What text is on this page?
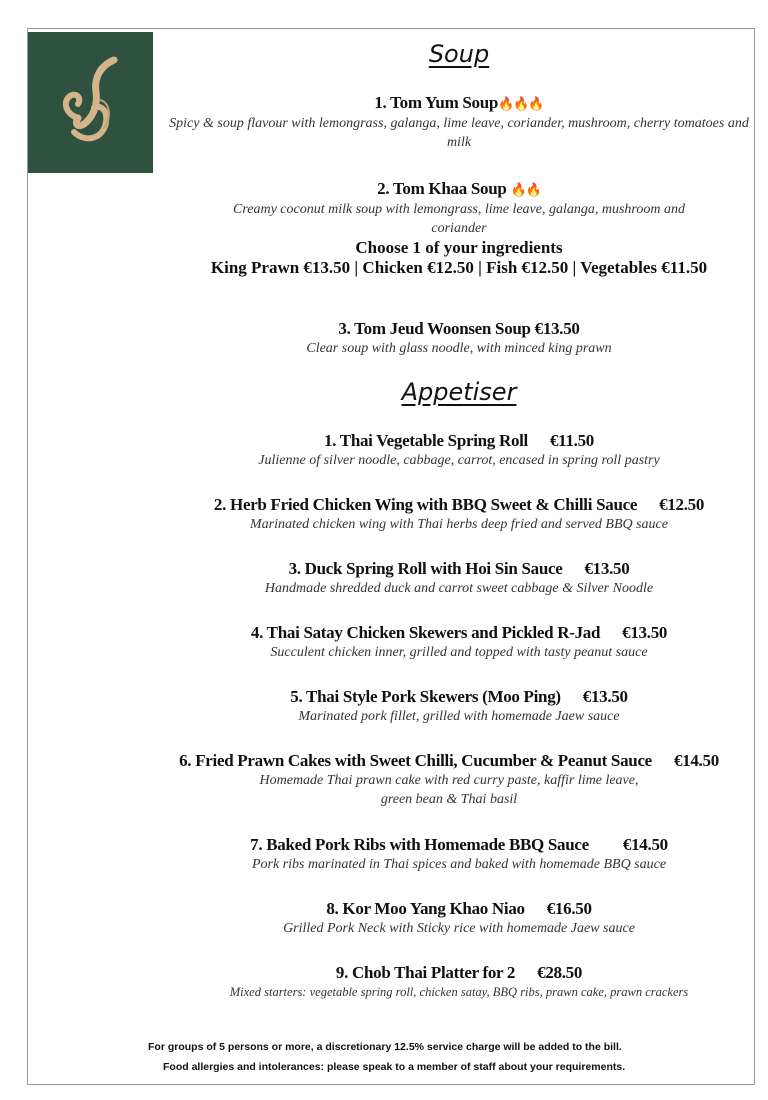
Soup
1. Tom Yum Soup🔥🔥🔥
Spicy & soup flavour with lemongrass, galanga, lime leave, coriander, mushroom, cherry tomatoes and milk
2. Tom Khaa Soup 🔥🔥
Creamy coconut milk soup with lemongrass, lime leave, galanga, mushroom and coriander
Choose 1 of your ingredients
King Prawn €13.50 | Chicken €12.50 | Fish €12.50 | Vegetables €11.50
3. Tom Jeud Woonsen Soup €13.50
Clear soup with glass noodle, with minced king prawn
Appetiser
1. Thai Vegetable Spring Roll €11.50
Julienne of silver noodle, cabbage, carrot, encased in spring roll pastry
2. Herb Fried Chicken Wing with BBQ Sweet & Chilli Sauce €12.50
Marinated chicken wing with Thai herbs deep fried and served BBQ sauce
3. Duck Spring Roll with Hoi Sin Sauce €13.50
Handmade shredded duck and carrot sweet cabbage & Silver Noodle
4. Thai Satay Chicken Skewers and Pickled R-Jad €13.50
Succulent chicken inner, grilled and topped with tasty peanut sauce
5. Thai Style Pork Skewers (Moo Ping) €13.50
Marinated pork fillet, grilled with homemade Jaew sauce
6. Fried Prawn Cakes with Sweet Chilli, Cucumber & Peanut Sauce €14.50
Homemade Thai prawn cake with red curry paste, kaffir lime leave,
green bean & Thai basil
7. Baked Pork Ribs with Homemade BBQ Sauce €14.50
Pork ribs marinated in Thai spices and baked with homemade BBQ sauce
8. Kor Moo Yang Khao Niao €16.50
Grilled Pork Neck with Sticky rice with homemade Jaew sauce
9. Chob Thai Platter for 2 €28.50
Mixed starters: vegetable spring roll, chicken satay, BBQ ribs, prawn cake, prawn crackers
For groups of 5 persons or more, a discretionary 12.5% service charge will be added to the bill.
Food allergies and intolerances: please speak to a member of staff about your requirements.
